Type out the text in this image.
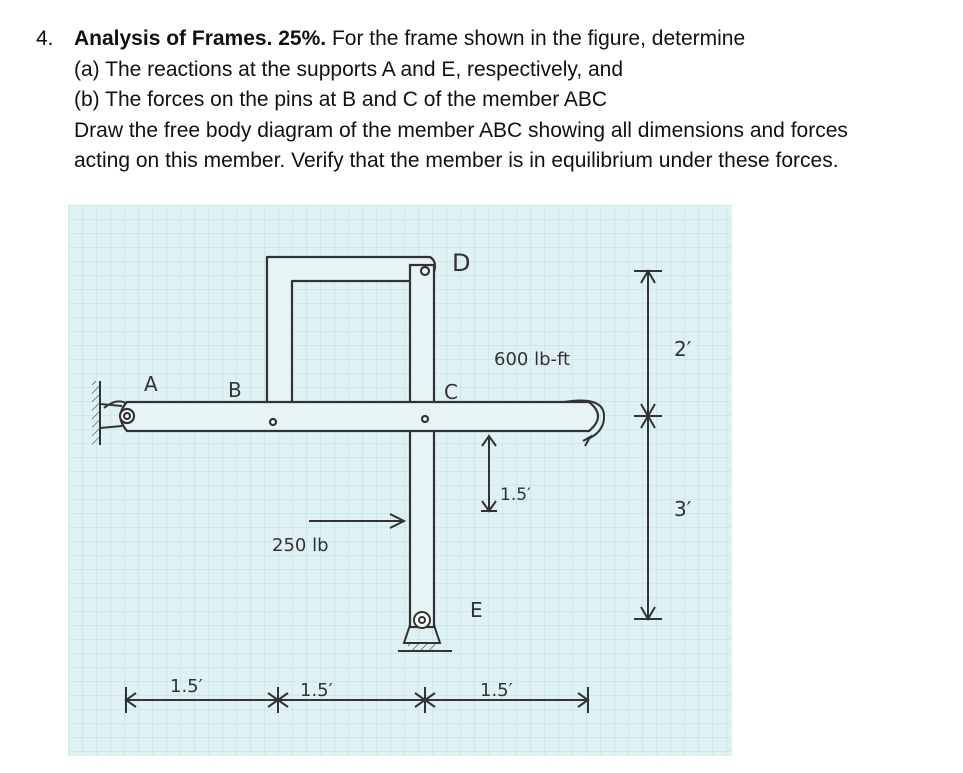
4. Analysis of Frames. 25%. For the frame shown in the figure, determine
(a) The reactions at the supports A and E, respectively, and
(b) The forces on the pins at B and C of the member ABC
Draw the free body diagram of the member ABC showing all dimensions and forces
acting on this member. Verify that the member is in equilibrium under these forces.
A	B	C
D
E
600 lb-ft
250 lb
1.5′
2′
3′
1.5′	1.5′	1.5′
